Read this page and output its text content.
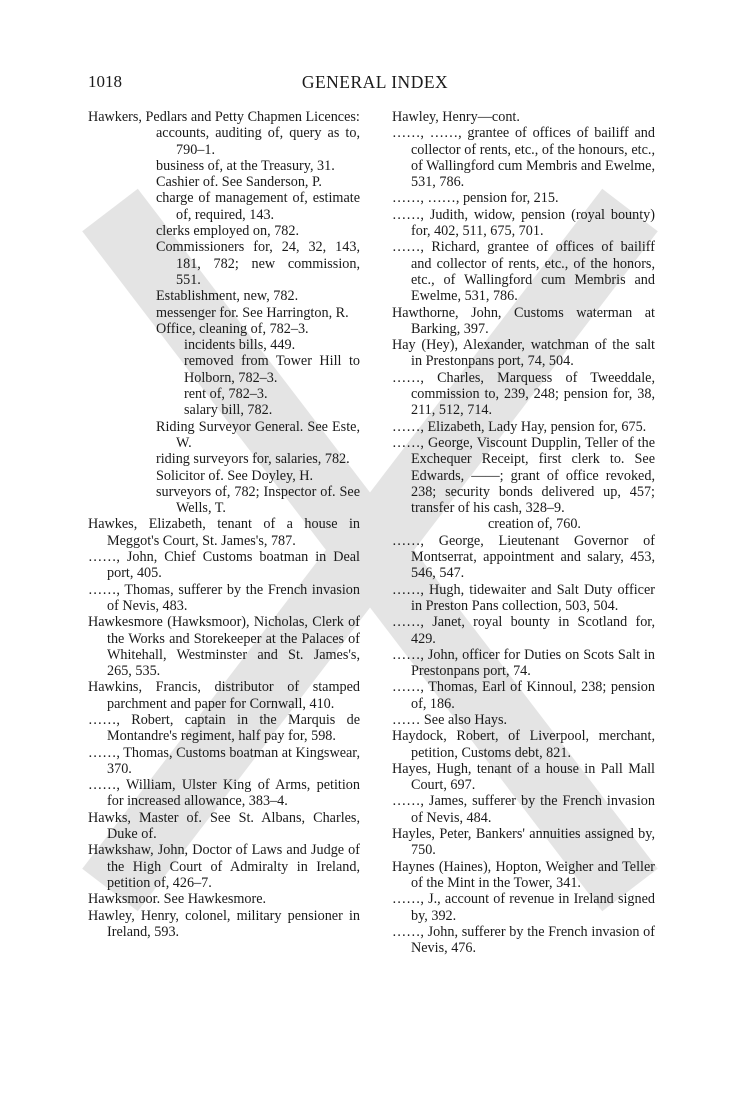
1018	GENERAL INDEX

Hawkers, Pedlars and Petty Chapmen Licences:

accounts, auditing of, query as to, 790–1.

business of, at the Treasury, 31.

Cashier of. See Sanderson, P.

charge of management of, estimate of, required, 143.

clerks employed on, 782.

Commissioners for, 24, 32, 143, 181, 782; new commission, 551.

Establishment, new, 782.

messenger for. See Harrington, R.

Office, cleaning of, 782–3.

incidents bills, 449.

removed from Tower Hill to Holborn, 782–3.

rent of, 782–3.

salary bill, 782.

Riding Surveyor General. See Este, W.

riding surveyors for, salaries, 782.

Solicitor of. See Doyley, H.

surveyors of, 782; Inspector of. See Wells, T.

Hawkes, Elizabeth, tenant of a house in Meggot's Court, St. James's, 787.

……, John, Chief Customs boatman in Deal port, 405.

……, Thomas, sufferer by the French invasion of Nevis, 483.

Hawkesmore (Hawksmoor), Nicholas, Clerk of the Works and Storekeeper at the Palaces of Whitehall, Westminster and St. James's, 265, 535.

Hawkins, Francis, distributor of stamped parchment and paper for Cornwall, 410.

……, Robert, captain in the Marquis de Montandre's regiment, half pay for, 598.

……, Thomas, Customs boatman at Kingswear, 370.

……, William, Ulster King of Arms, petition for increased allowance, 383–4.

Hawks, Master of. See St. Albans, Charles, Duke of.

Hawkshaw, John, Doctor of Laws and Judge of the High Court of Admiralty in Ireland, petition of, 426–7.

Hawksmoor. See Hawkesmore.

Hawley, Henry, colonel, military pensioner in Ireland, 593.

Hawley, Henry—cont.

……, ……, grantee of offices of bailiff and collector of rents, etc., of the honours, etc., of Wallingford cum Membris and Ewelme, 531, 786.

……, ……, pension for, 215.

……, Judith, widow, pension (royal bounty) for, 402, 511, 675, 701.

……, Richard, grantee of offices of bailiff and collector of rents, etc., of the honors, etc., of Wallingford cum Membris and Ewelme, 531, 786.

Hawthorne, John, Customs waterman at Barking, 397.

Hay (Hey), Alexander, watchman of the salt in Prestonpans port, 74, 504.

……, Charles, Marquess of Tweeddale, commission to, 239, 248; pension for, 38, 211, 512, 714.

……, Elizabeth, Lady Hay, pension for, 675.

……, George, Viscount Dupplin, Teller of the Exchequer Receipt, first clerk to. See Edwards, ——; grant of office revoked, 238; security bonds delivered up, 457; transfer of his cash, 328–9.

creation of, 760.

……, George, Lieutenant Governor of Montserrat, appointment and salary, 453, 546, 547.

……, Hugh, tidewaiter and Salt Duty officer in Preston Pans collection, 503, 504.

……, Janet, royal bounty in Scotland for, 429.

……, John, officer for Duties on Scots Salt in Prestonpans port, 74.

……, Thomas, Earl of Kinnoul, 238; pension of, 186.

…… See also Hays.

Haydock, Robert, of Liverpool, merchant, petition, Customs debt, 821.

Hayes, Hugh, tenant of a house in Pall Mall Court, 697.

……, James, sufferer by the French invasion of Nevis, 484.

Hayles, Peter, Bankers' annuities assigned by, 750.

Haynes (Haines), Hopton, Weigher and Teller of the Mint in the Tower, 341.

……, J., account of revenue in Ireland signed by, 392.

……, John, sufferer by the French invasion of Nevis, 476.
